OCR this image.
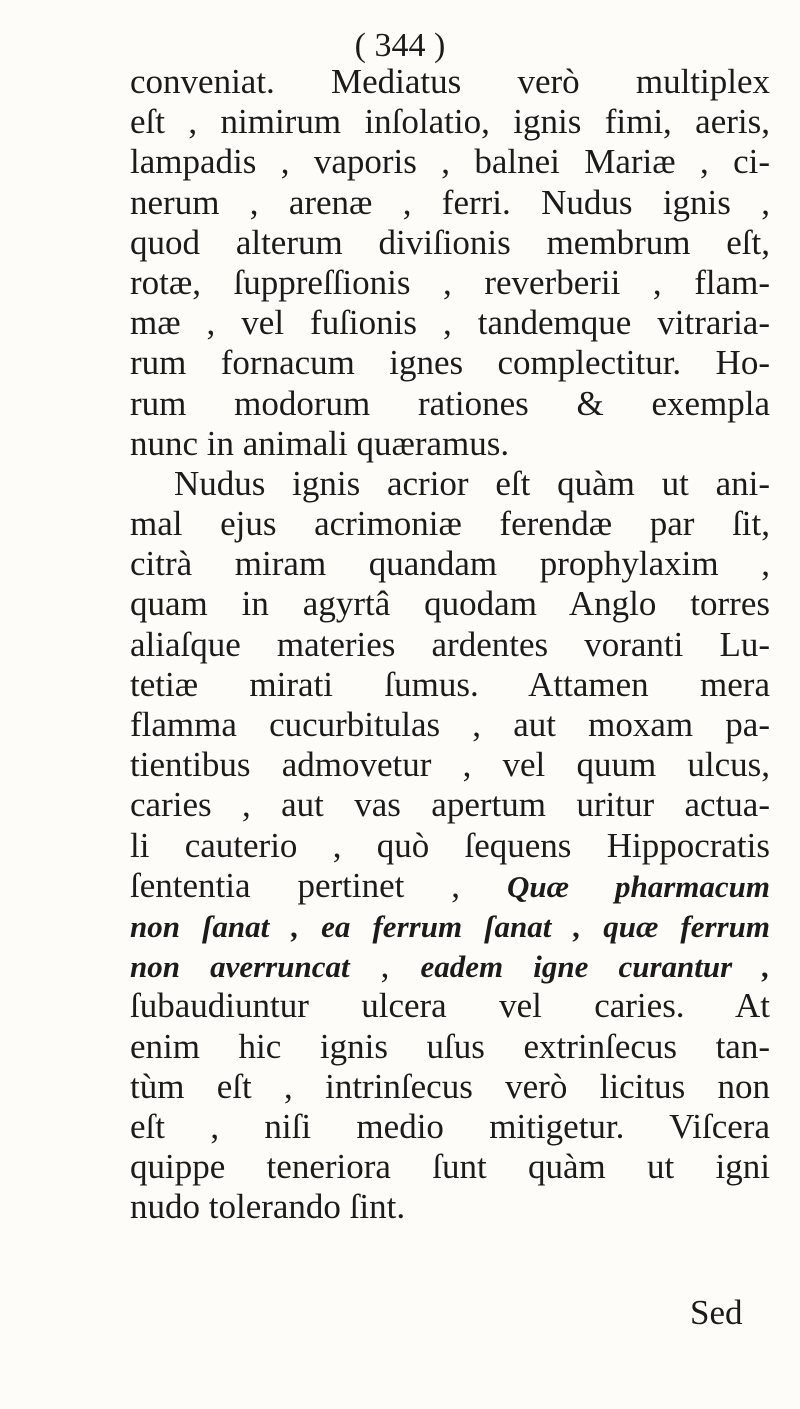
( 344 )
conveniat. Mediatus verò multiplex
eſt , nimirum inſolatio, ignis fimi, aeris,
lampadis , vaporis , balnei Mariæ , ci-
nerum , arenæ , ferri. Nudus ignis ,
quod alterum diviſionis membrum eſt,
rotæ, ſuppreſſionis , reverberii , flam-
mæ , vel fuſionis , tandemque vitraria-
rum fornacum ignes complectitur. Ho-
rum modorum rationes & exempla
nunc in animali quæramus.
Nudus ignis acrior eſt quàm ut ani-
mal ejus acrimoniæ ferendæ par ſit,
citrà miram quandam prophylaxim ,
quam in agyrtâ quodam Anglo torres
aliaſque materies ardentes voranti Lu-
tetiæ mirati ſumus. Attamen mera
flamma cucurbitulas , aut moxam pa-
tientibus admovetur , vel quum ulcus,
caries , aut vas apertum uritur actua-
li cauterio , quò ſequens Hippocratis
ſententia pertinet , Quæ pharmacum
non ſanat , ea ferrum ſanat , quæ ferrum
non averruncat , eadem igne curantur ,
ſubaudiuntur ulcera vel caries. At
enim hic ignis uſus extrinſecus tan-
tùm eſt , intrinſecus verò licitus non
eſt , niſi medio mitigetur. Viſcera
quippe teneriora ſunt quàm ut igni
nudo tolerando ſint.
Sed
